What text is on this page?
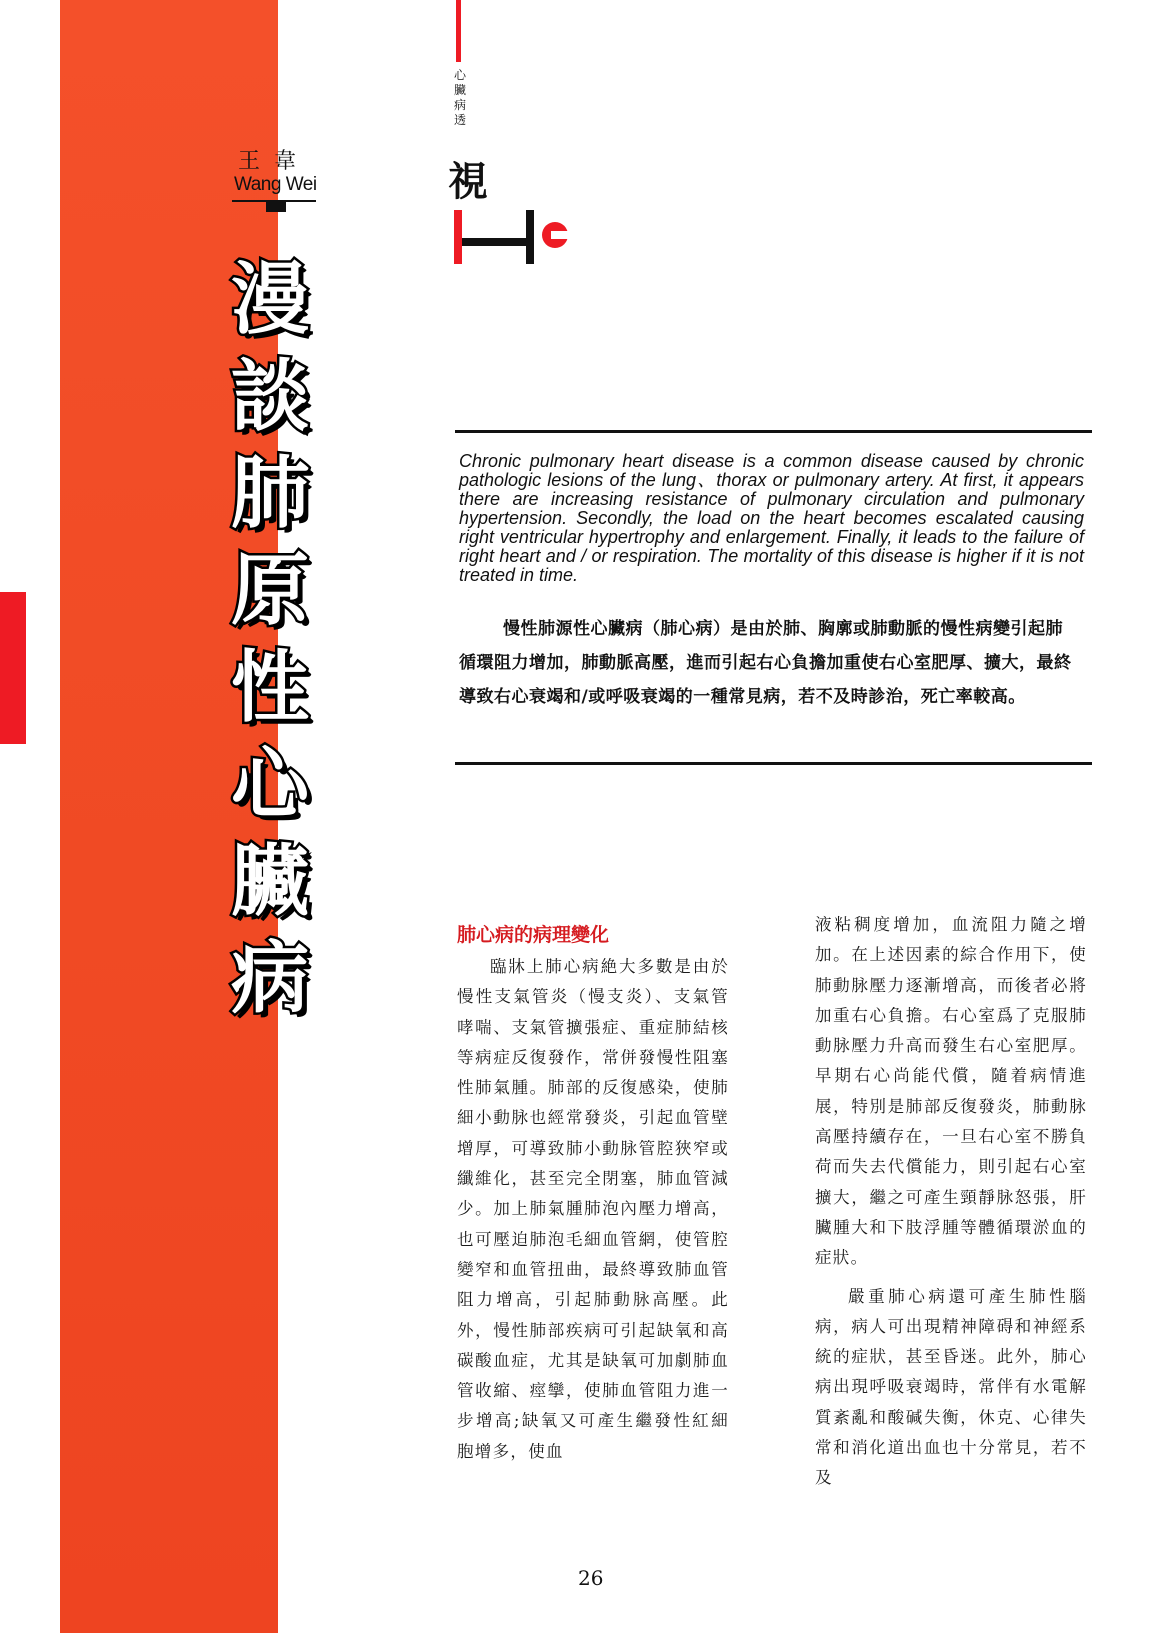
王韋
Wang Wei
漫
談
肺
原
性
心
臟
病
心
臟
病
透
視
Chronic pulmonary heart disease is a common disease caused by chronic pathologic lesions of the lung、thorax or pulmonary artery. At first, it appears there are increasing resistance of pulmonary circulation and pulmonary hypertension. Secondly, the load on the heart becomes escalated causing right ventricular hypertrophy and enlargement. Finally, it leads to the failure of right heart and / or respiration. The mortality of this disease is higher if it is not treated in time.
慢性肺源性心臟病（肺心病）是由於肺、胸廓或肺動脈的慢性病變引起肺循環阻力增加，肺動脈高壓，進而引起右心負擔加重使右心室肥厚、擴大，最終導致右心衰竭和/或呼吸衰竭的一種常見病，若不及時診治，死亡率較高。
肺心病的病理變化

臨牀上肺心病絶大多數是由於慢性支氣管炎（慢支炎）、支氣管哮喘、支氣管擴張症、重症肺結核等病症反復發作，常併發慢性阻塞性肺氣腫。肺部的反復感染，使肺細小動脉也經常發炎，引起血管壁增厚，可導致肺小動脉管腔狹窄或纖維化，甚至完全閉塞，肺血管減少。加上肺氣腫肺泡內壓力增高，也可壓迫肺泡毛細血管網，使管腔變窄和血管扭曲，最終導致肺血管阻力增高，引起肺動脉高壓。此外，慢性肺部疾病可引起缺氧和高碳酸血症，尤其是缺氧可加劇肺血管收縮、痙攣，使肺血管阻力進一步增高;缺氧又可產生繼發性紅細胞增多，使血

液粘稠度增加，血流阻力隨之增加。在上述因素的綜合作用下，使肺動脉壓力逐漸增高，而後者必將加重右心負擔。右心室爲了克服肺動脉壓力升高而發生右心室肥厚。早期右心尚能代償，隨着病情進展，特別是肺部反復發炎，肺動脉高壓持續存在，一旦右心室不勝負荷而失去代償能力，則引起右心室擴大，繼之可產生頸靜脉怒張，肝臟腫大和下肢浮腫等體循環淤血的症狀。

嚴重肺心病還可產生肺性腦病，病人可出現精神障碍和神經系統的症狀，甚至昏迷。此外，肺心病出現呼吸衰竭時，常伴有水電解質紊亂和酸碱失衡，休克、心律失常和消化道出血也十分常見，若不及

26
